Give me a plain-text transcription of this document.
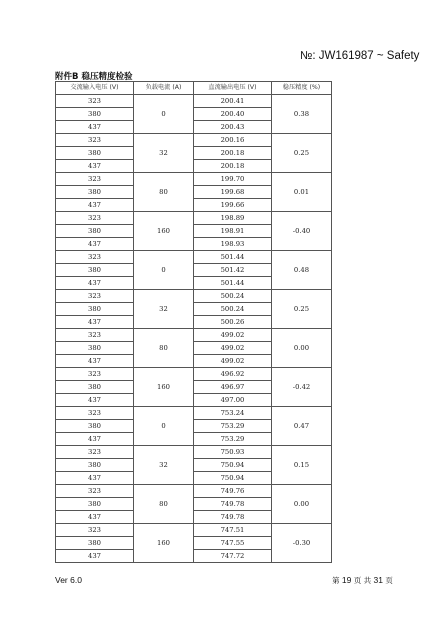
№: JW161987 ~ Safety
附件B 稳压精度检验
交流输入电压 (V)	负载电流 (A)	直流输出电压 (V)	稳压精度 (%)
323	0	200.41	0.38
380		200.40	
437		200.43	
323	32	200.16	0.25
380		200.18	
437		200.18	
323	80	199.70	0.01
380		199.68	
437		199.66	
323	160	198.89	-0.40
380		198.91	
437		198.93	
323	0	501.44	0.48
380		501.42	
437		501.44	
323	32	500.24	0.25
380		500.24	
437		500.26	
323	80	499.02	0.00
380		499.02	
437		499.02	
323	160	496.92	-0.42
380		496.97	
437		497.00	
323	0	753.24	0.47
380		753.29	
437		753.29	
323	32	750.93	0.15
380		750.94	
437		750.94	
323	80	749.76	0.00
380		749.78	
437		749.78	
323	160	747.51	-0.30
380		747.55	
437		747.72	
Ver 6.0	第 19 页 共 31 页
